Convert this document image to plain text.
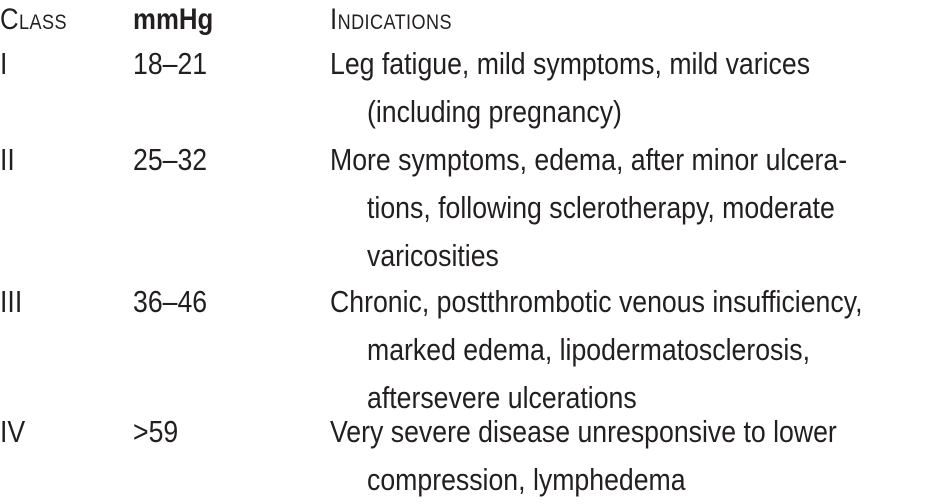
Class	mmHg	Indications
I	18–21	Leg fatigue, mild symptoms, mild varices
(including pregnancy)
II	25–32	More symptoms, edema, after minor ulcera-
tions, following sclerotherapy, moderate
varicosities
III	36–46	Chronic, postthrombotic venous insufficiency,
marked edema, lipodermatosclerosis,
aftersevere ulcerations
IV	>59	Very severe disease unresponsive to lower
compression, lymphedema
